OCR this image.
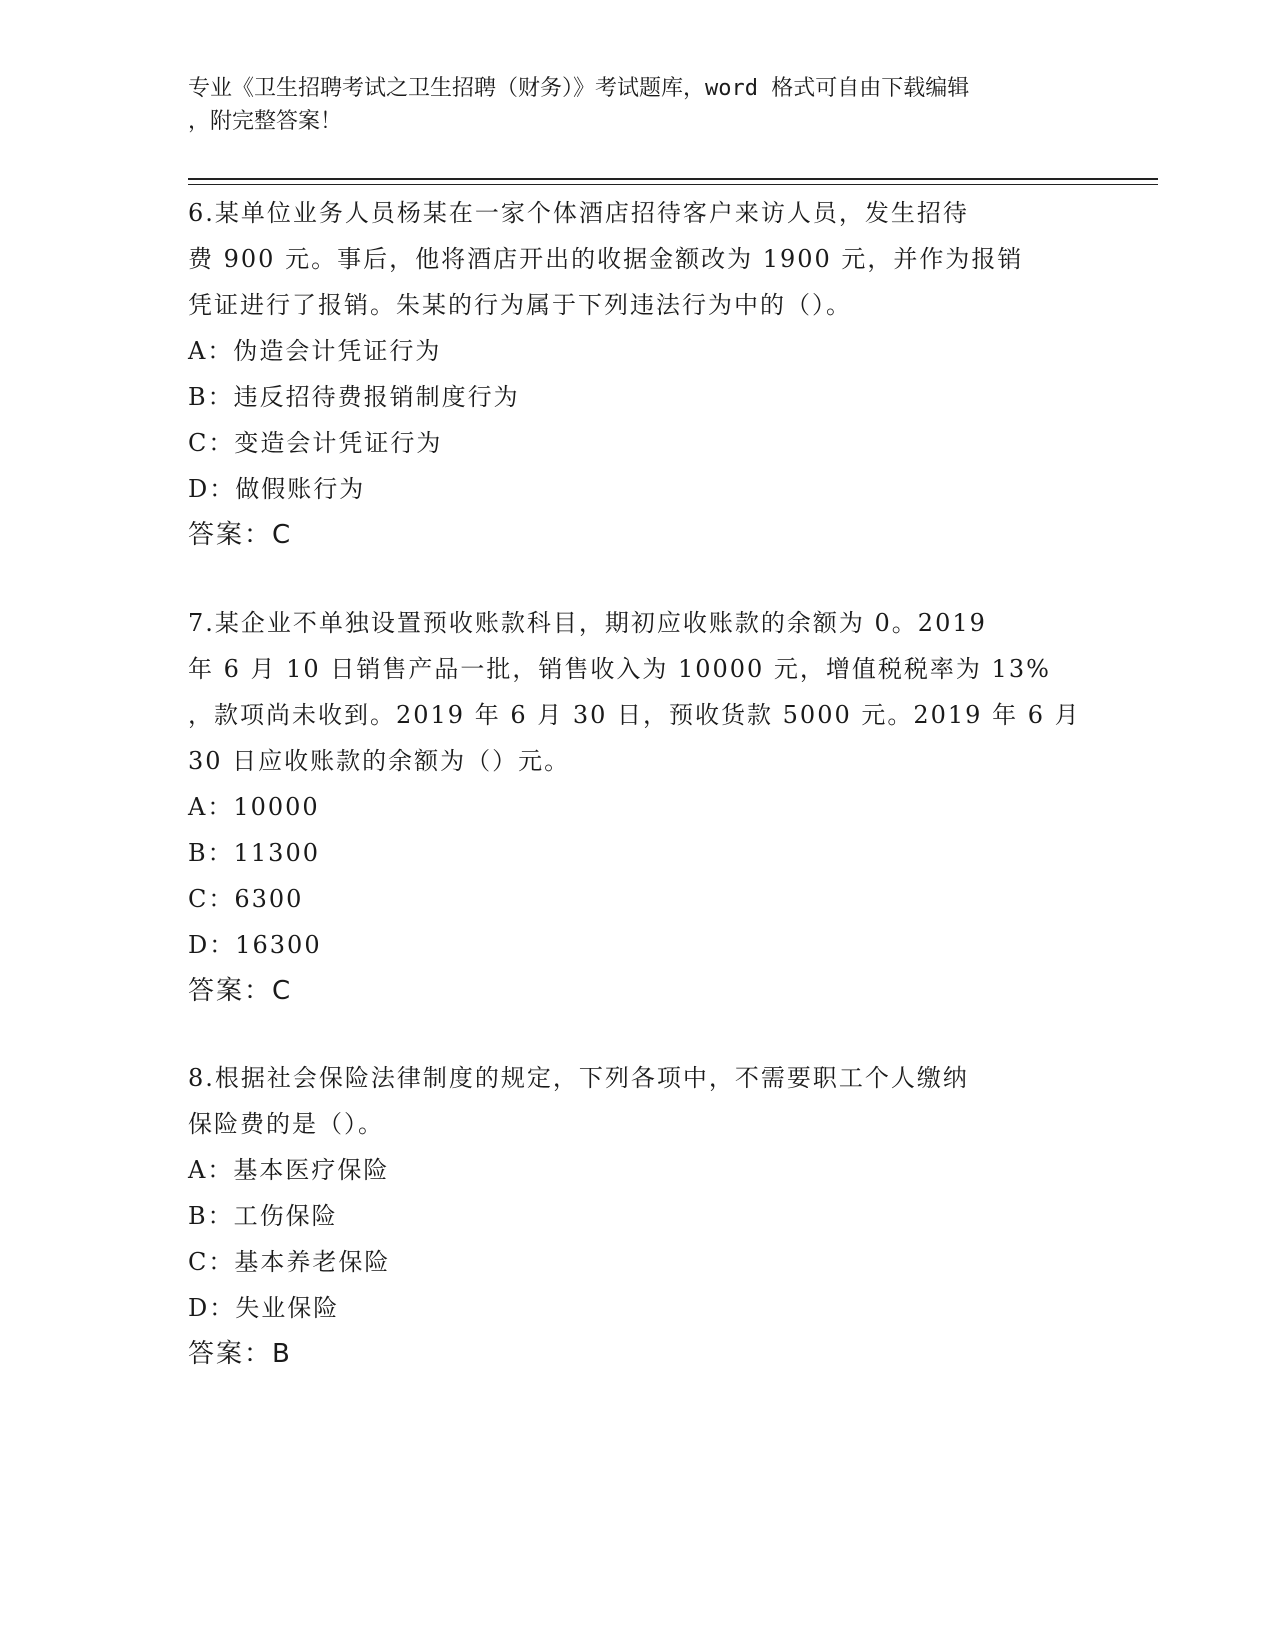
专业《卫生招聘考试之卫生招聘（财务）》考试题库，word 格式可自由下载编辑
，附完整答案！

6.某单位业务人员杨某在一家个体酒店招待客户来访人员，发生招待

费 900 元。事后，他将酒店开出的收据金额改为 1900 元，并作为报销

凭证进行了报销。朱某的行为属于下列违法行为中的（）。

A：伪造会计凭证行为

B：违反招待费报销制度行为

C：变造会计凭证行为

D：做假账行为

答案：C

7.某企业不单独设置预收账款科目，期初应收账款的余额为 0。2019

年 6 月 10 日销售产品一批，销售收入为 10000 元，增值税税率为 13%

，款项尚未收到。2019 年 6 月 30 日，预收货款 5000 元。2019 年 6 月

30 日应收账款的余额为（）元。

A：10000

B：11300

C：6300

D：16300

答案：C

8.根据社会保险法律制度的规定，下列各项中，不需要职工个人缴纳

保险费的是（）。

A：基本医疗保险

B：工伤保险

C：基本养老保险

D：失业保险

答案：B
